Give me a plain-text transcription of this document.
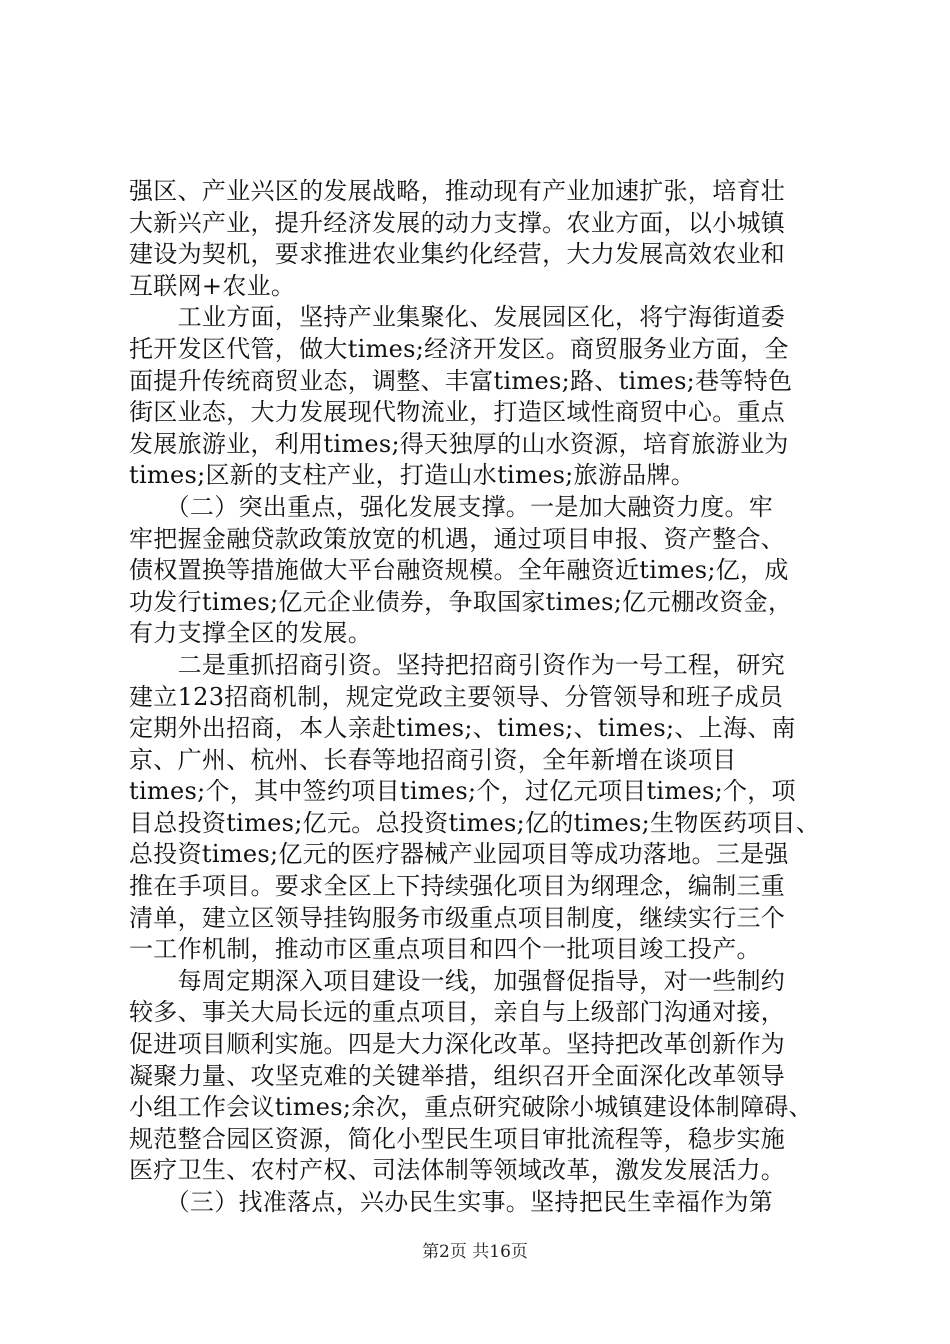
强区、产业兴区的发展战略，推动现有产业加速扩张，培育壮
大新兴产业，提升经济发展的动力支撑。农业方面，以小城镇
建设为契机，要求推进农业集约化经营，大力发展高效农业和
互联网+农业。
　　工业方面，坚持产业集聚化、发展园区化，将宁海街道委
托开发区代管，做大times;经济开发区。商贸服务业方面，全
面提升传统商贸业态，调整、丰富times;路、times;巷等特色
街区业态，大力发展现代物流业，打造区域性商贸中心。重点
发展旅游业，利用times;得天独厚的山水资源，培育旅游业为
times;区新的支柱产业，打造山水times;旅游品牌。
　　（二）突出重点，强化发展支撑。一是加大融资力度。牢
牢把握金融贷款政策放宽的机遇，通过项目申报、资产整合、
债权置换等措施做大平台融资规模。全年融资近times;亿，成
功发行times;亿元企业债券，争取国家times;亿元棚改资金，
有力支撑全区的发展。
　　二是重抓招商引资。坚持把招商引资作为一号工程，研究
建立123招商机制，规定党政主要领导、分管领导和班子成员
定期外出招商，本人亲赴times;、times;、times;、上海、南
京、广州、杭州、长春等地招商引资，全年新增在谈项目
times;个，其中签约项目times;个，过亿元项目times;个，项
目总投资times;亿元。总投资times;亿的times;生物医药项目、
总投资times;亿元的医疗器械产业园项目等成功落地。三是强
推在手项目。要求全区上下持续强化项目为纲理念，编制三重
清单，建立区领导挂钩服务市级重点项目制度，继续实行三个
一工作机制，推动市区重点项目和四个一批项目竣工投产。
　　每周定期深入项目建设一线，加强督促指导，对一些制约
较多、事关大局长远的重点项目，亲自与上级部门沟通对接，
促进项目顺利实施。四是大力深化改革。坚持把改革创新作为
凝聚力量、攻坚克难的关键举措，组织召开全面深化改革领导
小组工作会议times;余次，重点研究破除小城镇建设体制障碍、
规范整合园区资源，简化小型民生项目审批流程等，稳步实施
医疗卫生、农村产权、司法体制等领域改革，激发发展活力。
　　（三）找准落点，兴办民生实事。坚持把民生幸福作为第
第2页 共16页
